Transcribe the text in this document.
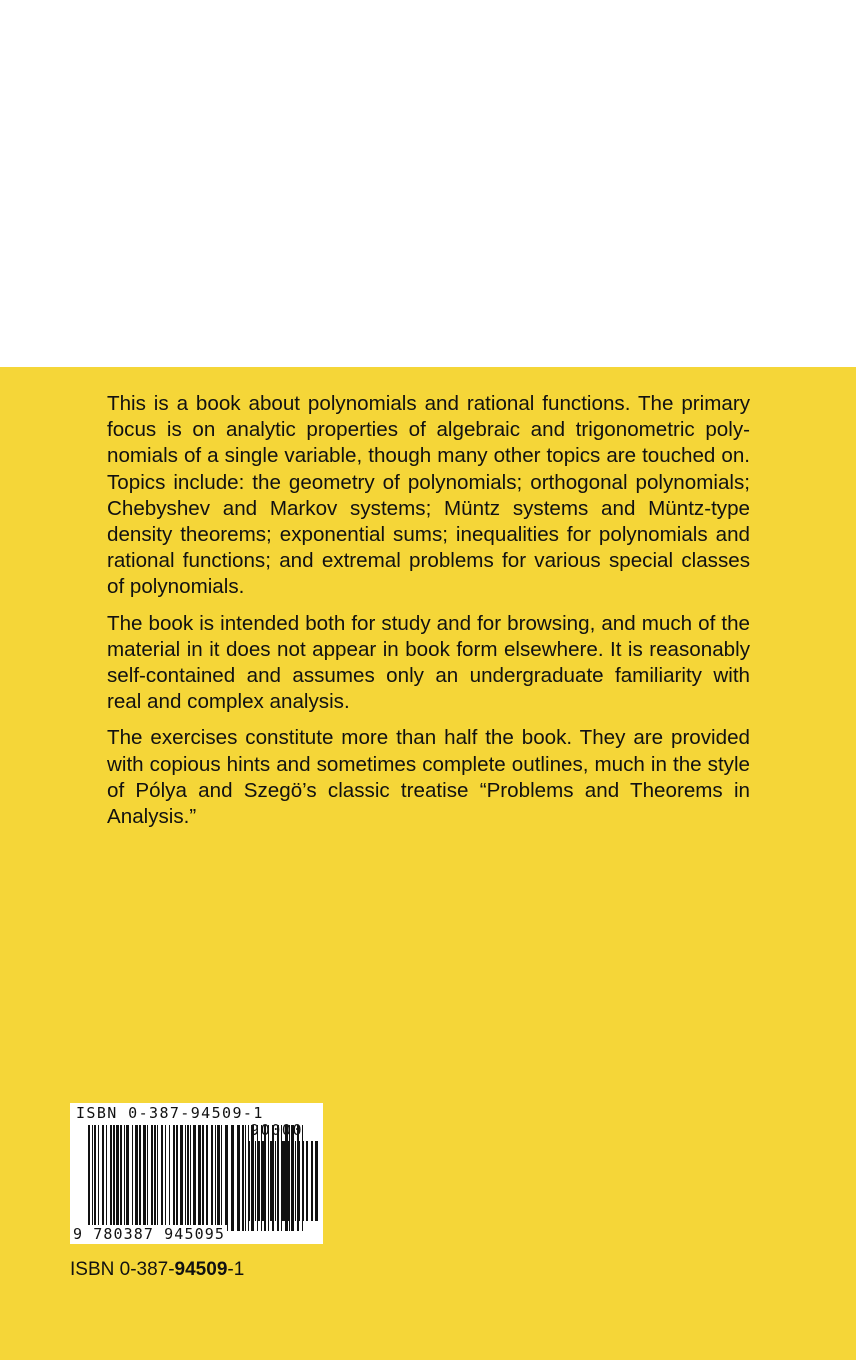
This is a book about polynomials and rational functions. The primary focus is on analytic properties of algebraic and trigonometric polynomials of a single variable, though many other topics are touched on. Topics include: the geometry of polynomials; orthogonal polynomials; Chebyshev and Markov systems; Müntz systems and Müntz-type density theorems; exponential sums; inequalities for polynomials and rational functions; and extremal problems for various special classes of polynomials.

The book is intended both for study and for browsing, and much of the material in it does not appear in book form elsewhere. It is reasonably self-contained and assumes only an undergraduate familiarity with real and complex analysis.

The exercises constitute more than half the book. They are provided with copious hints and sometimes complete outlines, much in the style of Pólya and Szegö’s classic treatise “Problems and Theorems in Analysis.”

ISBN 0-387-94509-1
90000
9 780387 945095
ISBN 0-387-94509-1
